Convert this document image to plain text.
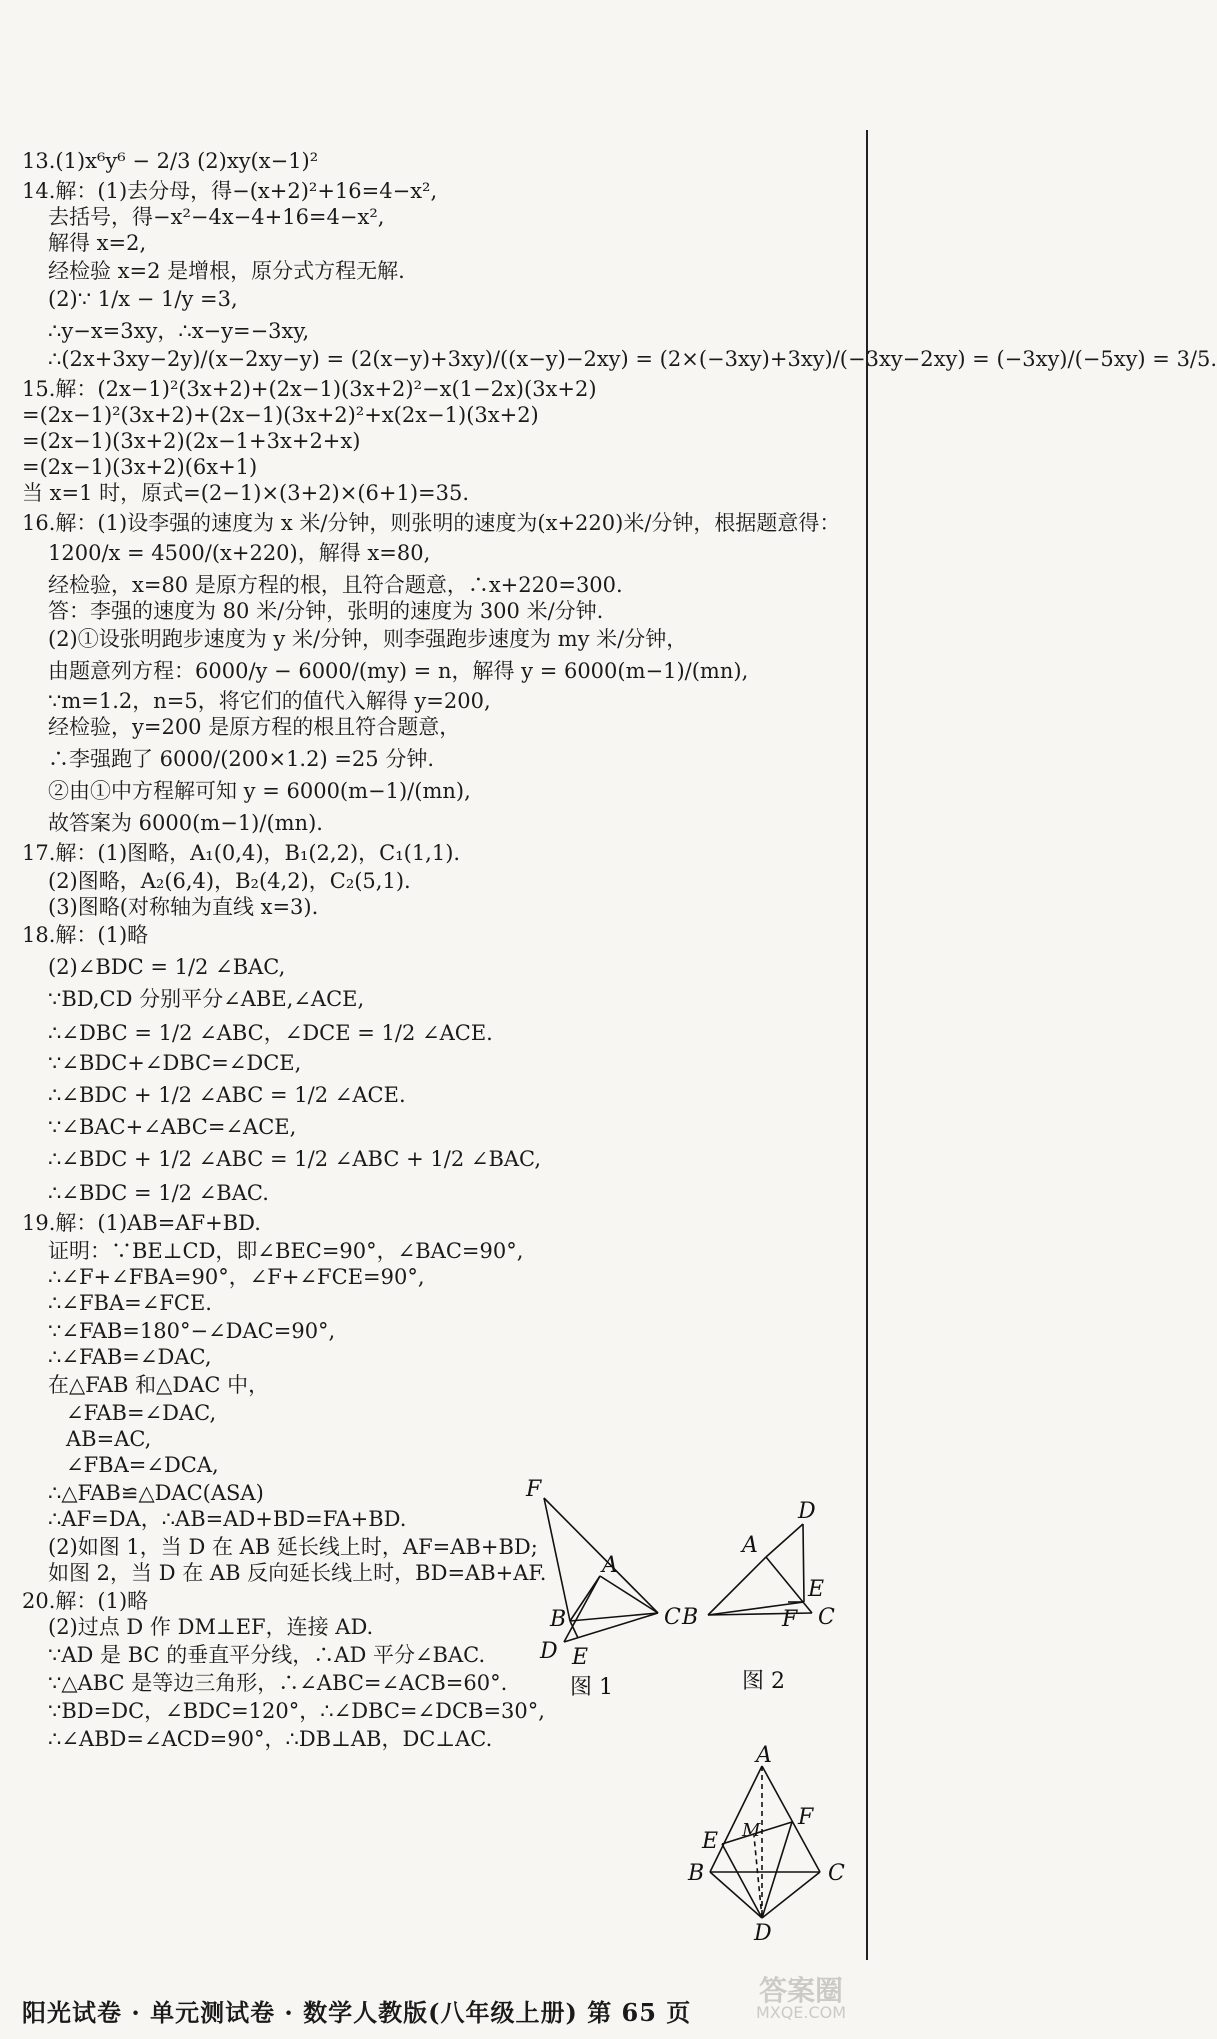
13.(1)x⁶y⁶ − 2/3 (2)xy(x−1)²
14.解：(1)去分母，得−(x+2)²+16=4−x²,
去括号，得−x²−4x−4+16=4−x²,
解得 x=2,
经检验 x=2 是增根，原分式方程无解.
(2)∵ 1/x − 1/y =3,
∴y−x=3xy，∴x−y=−3xy,
∴(2x+3xy−2y)/(x−2xy−y) = (2(x−y)+3xy)/((x−y)−2xy) = (2×(−3xy)+3xy)/(−3xy−2xy) = (−3xy)/(−5xy) = 3/5.
15.解：(2x−1)²(3x+2)+(2x−1)(3x+2)²−x(1−2x)(3x+2)
=(2x−1)²(3x+2)+(2x−1)(3x+2)²+x(2x−1)(3x+2)
=(2x−1)(3x+2)(2x−1+3x+2+x)
=(2x−1)(3x+2)(6x+1)
当 x=1 时，原式=(2−1)×(3+2)×(6+1)=35.
16.解：(1)设李强的速度为 x 米/分钟，则张明的速度为(x+220)米/分钟，根据题意得：
1200/x = 4500/(x+220)，解得 x=80,
经检验，x=80 是原方程的根，且符合题意，∴x+220=300.
答：李强的速度为 80 米/分钟，张明的速度为 300 米/分钟.
(2)①设张明跑步速度为 y 米/分钟，则李强跑步速度为 my 米/分钟，
由题意列方程：6000/y − 6000/(my) = n，解得 y = 6000(m−1)/(mn),
∵m=1.2，n=5，将它们的值代入解得 y=200,
经检验，y=200 是原方程的根且符合题意，
∴李强跑了 6000/(200×1.2) =25 分钟.
②由①中方程解可知 y = 6000(m−1)/(mn),
故答案为 6000(m−1)/(mn).
17.解：(1)图略，A₁(0,4)，B₁(2,2)，C₁(1,1).
(2)图略，A₂(6,4)，B₂(4,2)，C₂(5,1).
(3)图略(对称轴为直线 x=3).
18.解：(1)略
(2)∠BDC = 1/2 ∠BAC,
∵BD,CD 分别平分∠ABE,∠ACE,
∴∠DBC = 1/2 ∠ABC，∠DCE = 1/2 ∠ACE.
∵∠BDC+∠DBC=∠DCE,
∴∠BDC + 1/2 ∠ABC = 1/2 ∠ACE.
∵∠BAC+∠ABC=∠ACE,
∴∠BDC + 1/2 ∠ABC = 1/2 ∠ABC + 1/2 ∠BAC,
∴∠BDC = 1/2 ∠BAC.
19.解：(1)AB=AF+BD.
证明：∵BE⊥CD，即∠BEC=90°，∠BAC=90°,
∴∠F+∠FBA=90°，∠F+∠FCE=90°,
∴∠FBA=∠FCE.
∵∠FAB=180°−∠DAC=90°,
∴∠FAB=∠DAC,
在△FAB 和△DAC 中，
∠FAB=∠DAC,
AB=AC,
∠FBA=∠DCA,
∴△FAB≌△DAC(ASA)
∴AF=DA，∴AB=AD+BD=FA+BD.
(2)如图 1，当 D 在 AB 延长线上时，AF=AB+BD;
如图 2，当 D 在 AB 反向延长线上时，BD=AB+AF.
20.解：(1)略
(2)过点 D 作 DM⊥EF，连接 AD.
∵AD 是 BC 的垂直平分线，∴AD 平分∠BAC.
∵△ABC 是等边三角形，∴∠ABC=∠ACB=60°.
∵BD=DC，∠BDC=120°，∴∠DBC=∠DCB=30°,
∴∠ABD=∠ACD=90°，∴DB⊥AB，DC⊥AC.
F
A
B	C
D E
图 1
D
A
E
F
B	C
图 2
A
E M
F
B	C
D
阳光试卷 · 单元测试卷 · 数学人教版(八年级上册) 第 65 页
答案圈
MXQE.COM
